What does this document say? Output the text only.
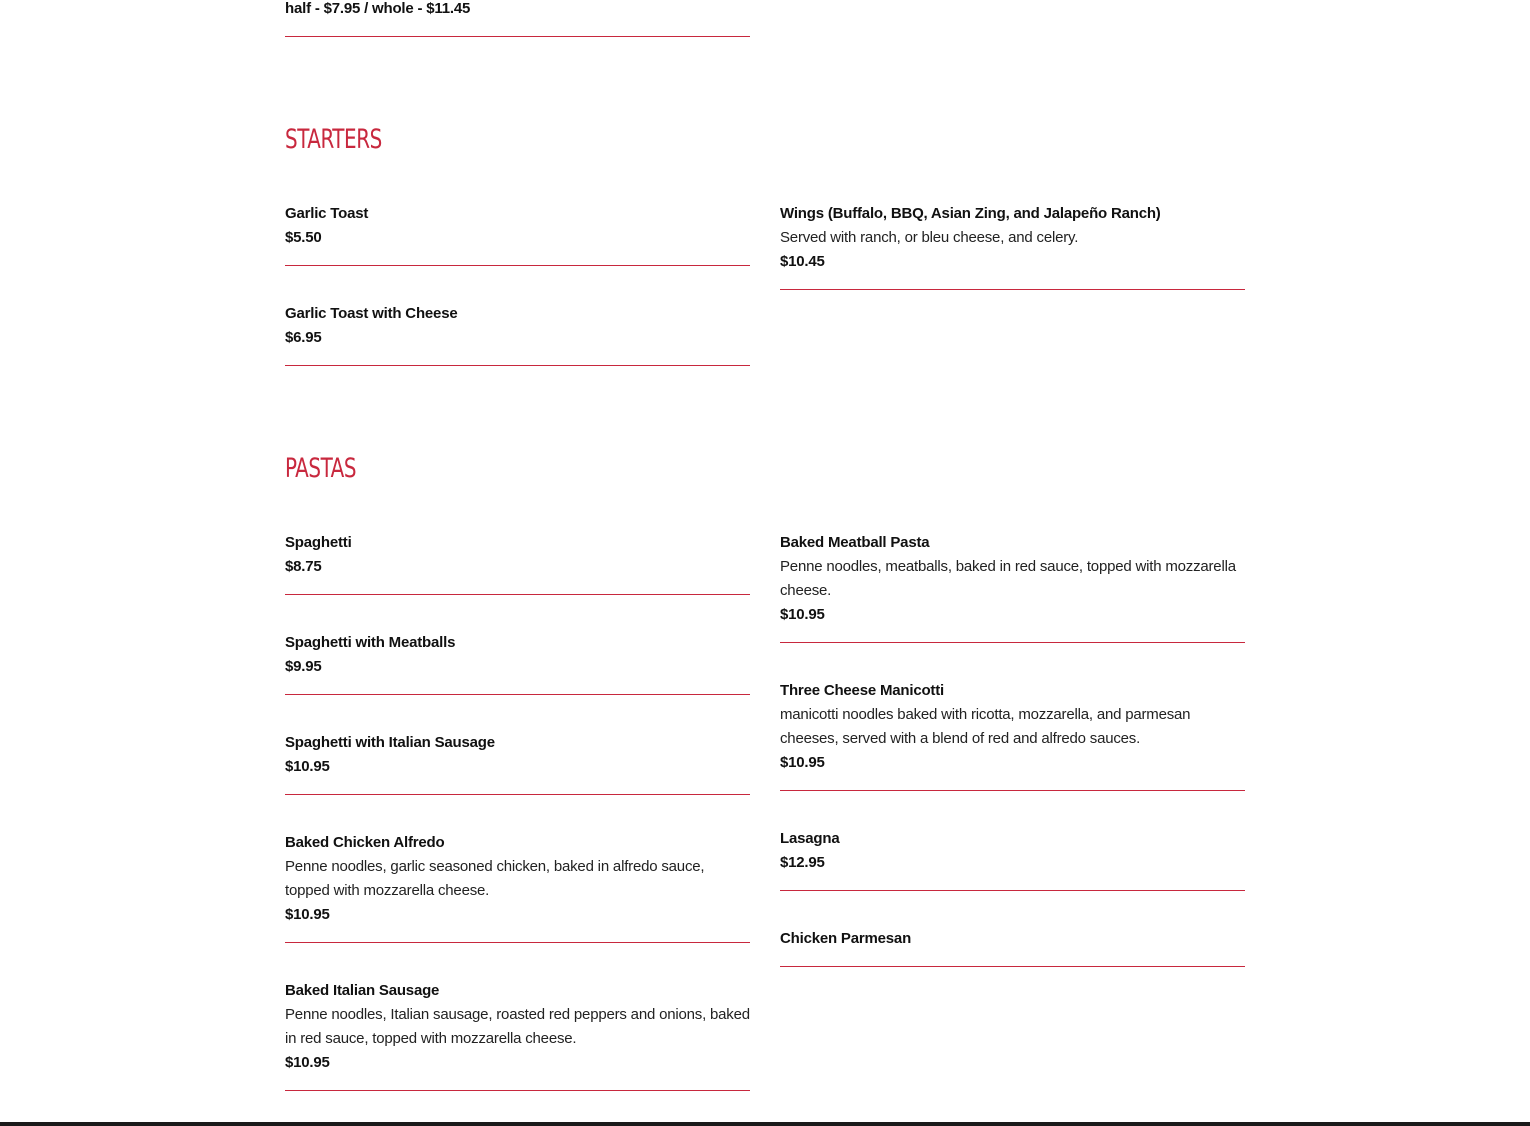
half - $7.95 / whole - $11.45
STARTERS
Garlic Toast
$5.50
Garlic Toast with Cheese
$6.95
Wings (Buffalo, BBQ, Asian Zing, and Jalapeño Ranch)
Served with ranch, or bleu cheese, and celery.
$10.45
PASTAS
Spaghetti
$8.75
Spaghetti with Meatballs
$9.95
Spaghetti with Italian Sausage
$10.95
Baked Chicken Alfredo
Penne noodles, garlic seasoned chicken, baked in alfredo sauce, topped with mozzarella cheese.
$10.95
Baked Italian Sausage
Penne noodles, Italian sausage, roasted red peppers and onions, baked in red sauce, topped with mozzarella cheese.
$10.95
Baked Meatball Pasta
Penne noodles, meatballs, baked in red sauce, topped with mozzarella cheese.
$10.95
Three Cheese Manicotti
manicotti noodles baked with ricotta, mozzarella, and parmesan cheeses, served with a blend of red and alfredo sauces.
$10.95
Lasagna
$12.95
Chicken Parmesan
